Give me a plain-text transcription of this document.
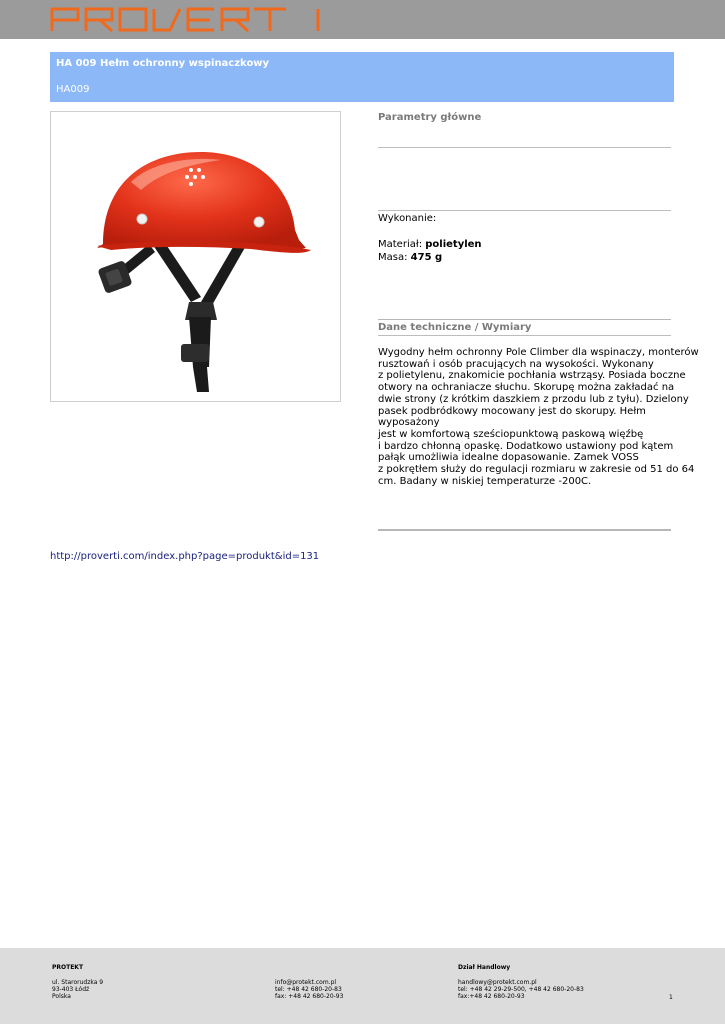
HA 009 Hełm ochronny wspinaczkowy
HA009
Parametry główne
Wykonanie:
Materiał: polietylen
Masa: 475 g
Dane techniczne / Wymiary
Wygodny hełm ochronny Pole Climber dla wspinaczy, monterów
rusztowań i osób pracujących na wysokości. Wykonany
z polietylenu, znakomicie pochłania wstrząsy. Posiada boczne
otwory na ochraniacze słuchu. Skorupę można zakładać na
dwie strony (z krótkim daszkiem z przodu lub z tyłu). Dzielony
pasek podbródkowy mocowany jest do skorupy. Hełm
wyposażony
jest w komfortową sześciopunktową paskową więźbę
i bardzo chłonną opaskę. Dodatkowo ustawiony pod kątem
pałąk umożliwia idealne dopasowanie. Zamek VOSS
z pokrętłem służy do regulacji rozmiaru w zakresie od 51 do 64
cm. Badany w niskiej temperaturze -200C.
http://proverti.com/index.php?page=produkt&id=131
PROTEKT
ul. Starorudzka 9
93-403 Łódź
Polska
info@protekt.com.pl
tel: +48 42 680-20-83
fax: +48 42 680-20-93
Dział Handlowy
handlowy@protekt.com.pl
tel: +48 42 29-29-500, +48 42 680-20-83
fax:+48 42 680-20-93	1
